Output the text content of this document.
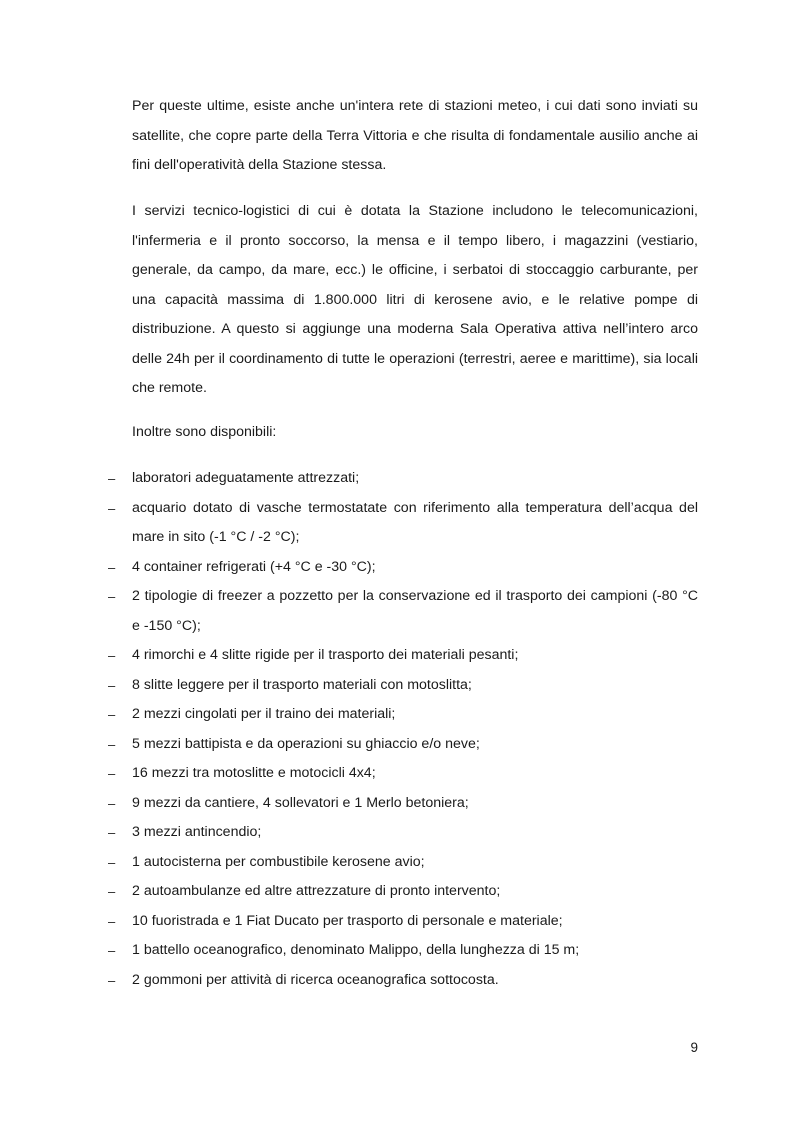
Per queste ultime, esiste anche un'intera rete di stazioni meteo, i cui dati sono inviati su satellite, che copre parte della Terra Vittoria e che risulta di fondamentale ausilio anche ai fini dell'operatività della Stazione stessa.

I servizi tecnico-logistici di cui è dotata la Stazione includono le telecomunicazioni, l'infermeria e il pronto soccorso, la mensa e il tempo libero, i magazzini (vestiario, generale, da campo, da mare, ecc.) le officine, i serbatoi di stoccaggio carburante, per una capacità massima di 1.800.000 litri di kerosene avio, e le relative pompe di distribuzione. A questo si aggiunge una moderna Sala Operativa attiva nell’intero arco delle 24h per il coordinamento di tutte le operazioni (terrestri, aeree e marittime), sia locali che remote.

Inoltre sono disponibili:

– laboratori adeguatamente attrezzati;
– acquario dotato di vasche termostatate con riferimento alla temperatura dell’acqua del mare in sito (-1 °C / -2 °C);
– 4 container refrigerati (+4 °C e -30 °C);
– 2 tipologie di freezer a pozzetto per la conservazione ed il trasporto dei campioni (-80 °C e -150 °C);
– 4 rimorchi e 4 slitte rigide per il trasporto dei materiali pesanti;
– 8 slitte leggere per il trasporto materiali con motoslitta;
– 2 mezzi cingolati per il traino dei materiali;
– 5 mezzi battipista e da operazioni su ghiaccio e/o neve;
– 16 mezzi tra motoslitte e motocicli 4x4;
– 9 mezzi da cantiere, 4 sollevatori e 1 Merlo betoniera;
– 3 mezzi antincendio;
– 1 autocisterna per combustibile kerosene avio;
– 2 autoambulanze ed altre attrezzature di pronto intervento;
– 10 fuoristrada e 1 Fiat Ducato per trasporto di personale e materiale;
– 1 battello oceanografico, denominato Malippo, della lunghezza di 15 m;
– 2 gommoni per attività di ricerca oceanografica sottocosta.
9
